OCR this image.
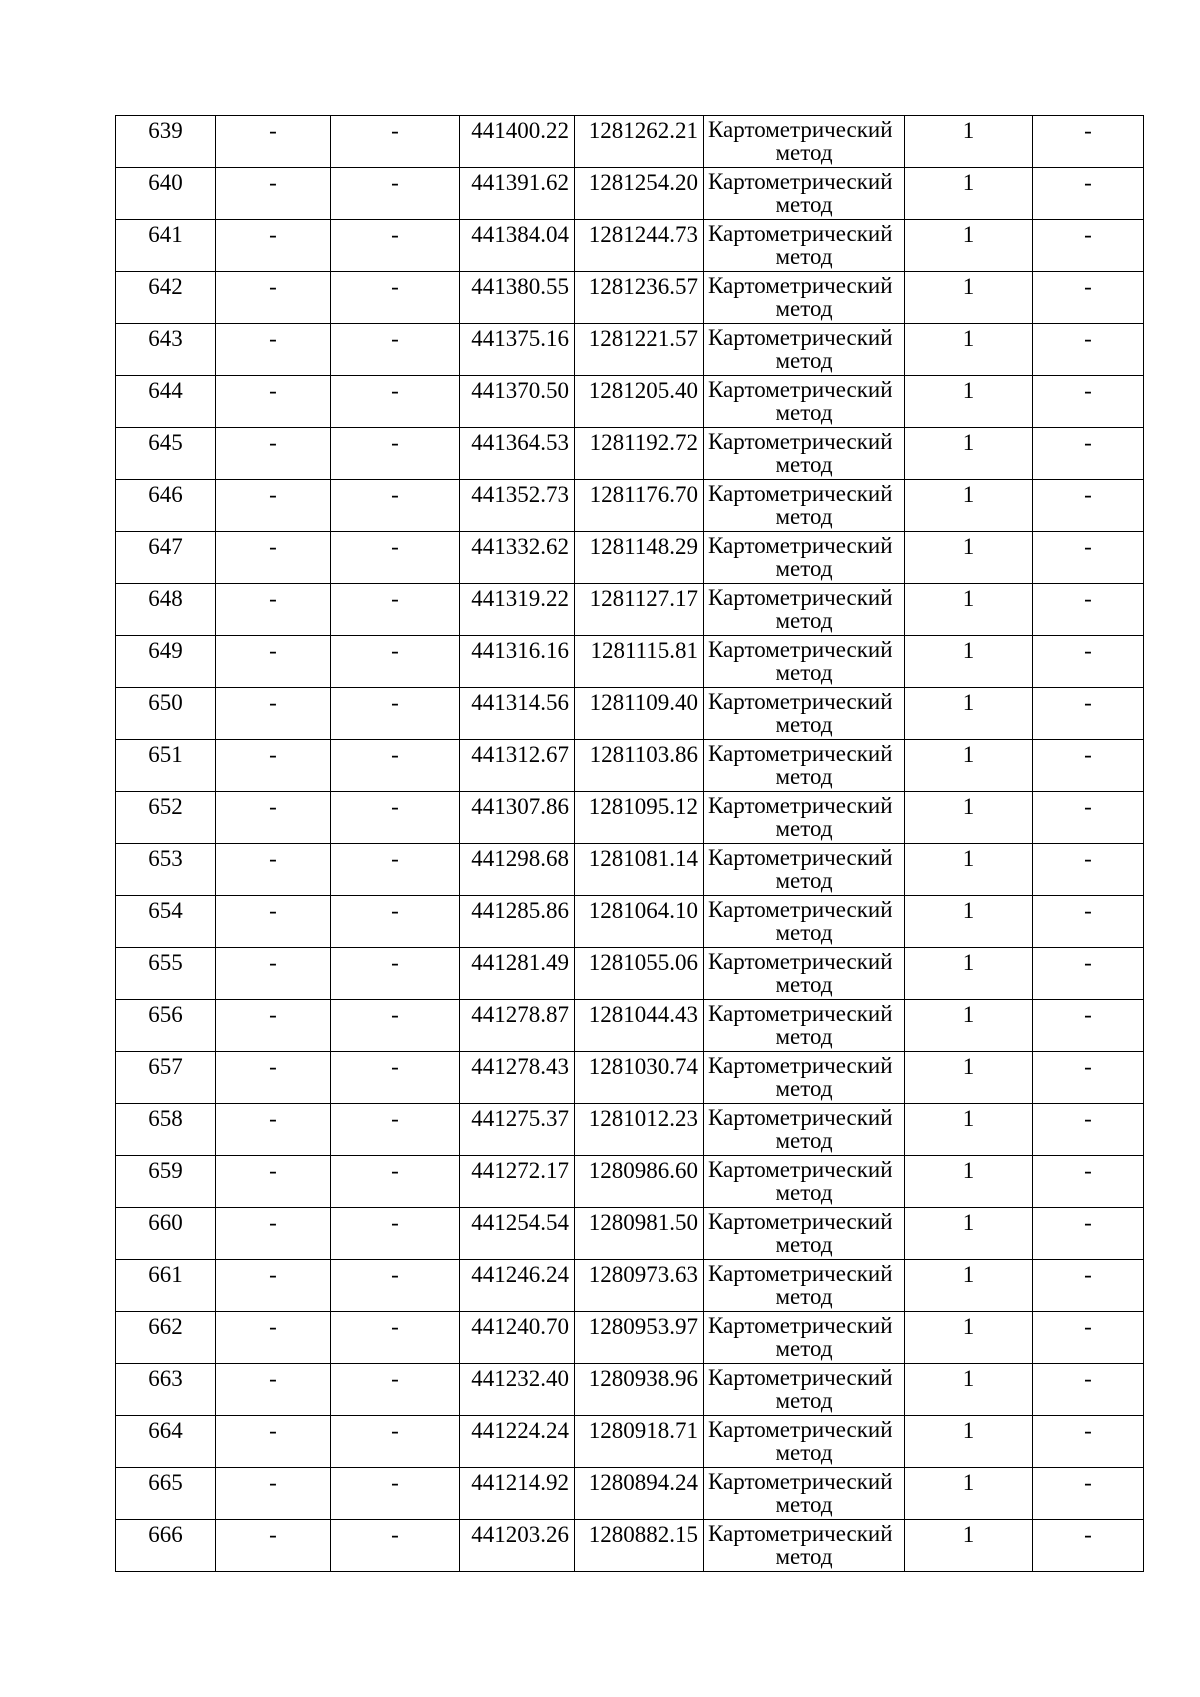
639	-	-	441400.22	1281262.21	Картометрический
метод	1	-
640	-	-	441391.62	1281254.20	Картометрический
метод	1	-
641	-	-	441384.04	1281244.73	Картометрический
метод	1	-
642	-	-	441380.55	1281236.57	Картометрический
метод	1	-
643	-	-	441375.16	1281221.57	Картометрический
метод	1	-
644	-	-	441370.50	1281205.40	Картометрический
метод	1	-
645	-	-	441364.53	1281192.72	Картометрический
метод	1	-
646	-	-	441352.73	1281176.70	Картометрический
метод	1	-
647	-	-	441332.62	1281148.29	Картометрический
метод	1	-
648	-	-	441319.22	1281127.17	Картометрический
метод	1	-
649	-	-	441316.16	1281115.81	Картометрический
метод	1	-
650	-	-	441314.56	1281109.40	Картометрический
метод	1	-
651	-	-	441312.67	1281103.86	Картометрический
метод	1	-
652	-	-	441307.86	1281095.12	Картометрический
метод	1	-
653	-	-	441298.68	1281081.14	Картометрический
метод	1	-
654	-	-	441285.86	1281064.10	Картометрический
метод	1	-
655	-	-	441281.49	1281055.06	Картометрический
метод	1	-
656	-	-	441278.87	1281044.43	Картометрический
метод	1	-
657	-	-	441278.43	1281030.74	Картометрический
метод	1	-
658	-	-	441275.37	1281012.23	Картометрический
метод	1	-
659	-	-	441272.17	1280986.60	Картометрический
метод	1	-
660	-	-	441254.54	1280981.50	Картометрический
метод	1	-
661	-	-	441246.24	1280973.63	Картометрический
метод	1	-
662	-	-	441240.70	1280953.97	Картометрический
метод	1	-
663	-	-	441232.40	1280938.96	Картометрический
метод	1	-
664	-	-	441224.24	1280918.71	Картометрический
метод	1	-
665	-	-	441214.92	1280894.24	Картометрический
метод	1	-
666	-	-	441203.26	1280882.15	Картометрический
метод	1	-
